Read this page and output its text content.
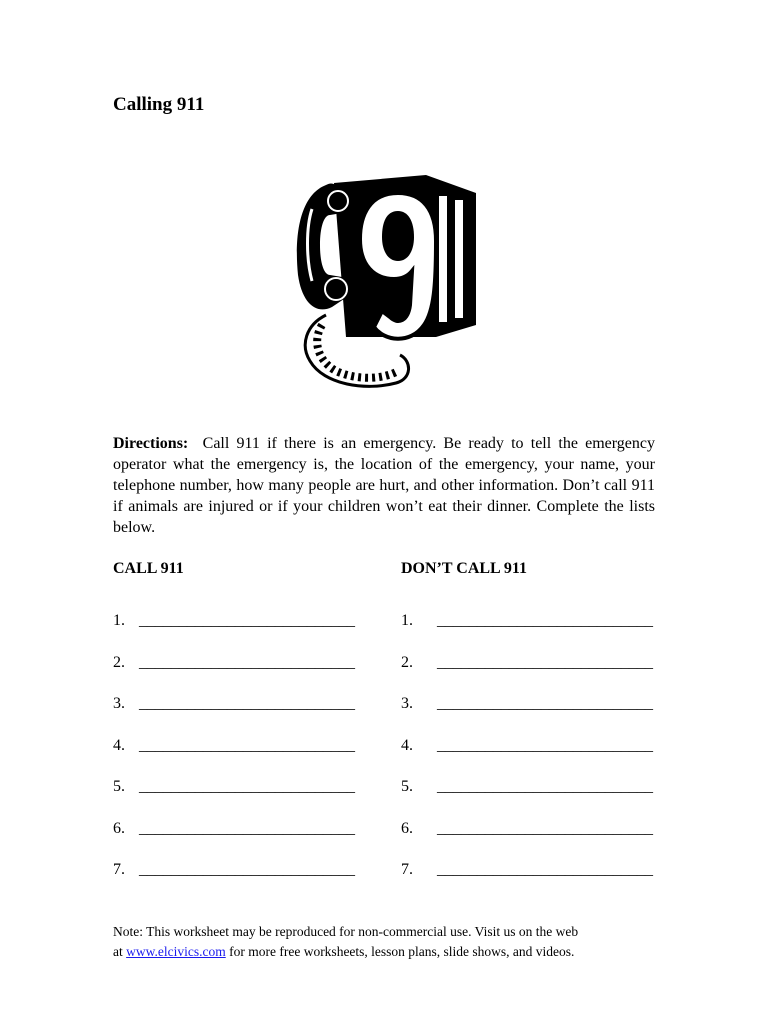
Calling 911

Directions: Call 911 if there is an emergency. Be ready to tell the emergency operator what the emergency is, the location of the emergency, your name, your telephone number, how many people are hurt, and other information. Don’t call 911 if animals are injured or if your children won’t eat their dinner. Complete the lists below.

CALL 911	DON’T CALL 911
1. ___________________________
2. ___________________________
3. ___________________________
4. ___________________________
5. ___________________________
6. ___________________________
7. ___________________________
1. ___________________________
2. ___________________________
3. ___________________________
4. ___________________________
5. ___________________________
6. ___________________________
7. ___________________________

Note: This worksheet may be reproduced for non-commercial use. Visit us on the web
at www.elcivics.com for more free worksheets, lesson plans, slide shows, and videos.
